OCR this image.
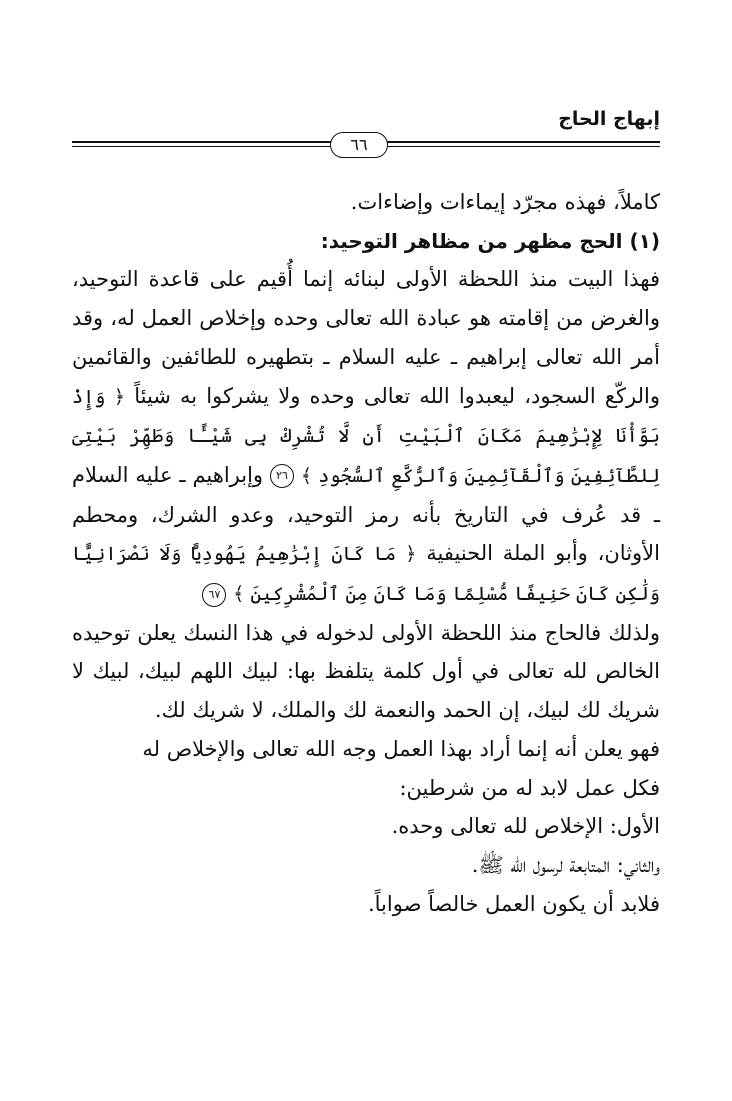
إبهاج الحاج
٦٦
كاملاً، فهذه مجرّد إيماءات وإضاءات.
(١) الحج مظهر من مظاهر التوحيد:
فهذا البيت منذ اللحظة الأولى لبنائه إنما أُقيم على قاعدة التوحيد، والغرض من إقامته هو عبادة الله تعالى وحده وإخلاص العمل له، وقد أمر الله تعالى إبراهيم ـ عليه السلام ـ بتطهيره للطائفين والقائمين والركّع السجود، ليعبدوا الله تعالى وحده ولا يشركوا به شيئاً ﴿ وَإِذْ بَوَّأْنَا لِإِبْرَٰهِيمَ مَكَانَ ٱلْبَيْتِ أَن لَّا تُشْرِكْ بِى شَيْـًٔا وَطَهِّرْ بَيْتِىَ لِلطَّآئِفِينَ وَٱلْقَآئِمِينَ وَٱلرُّكَّعِ ٱلسُّجُودِ ﴾ ٢٦ وإبراهيم ـ عليه السلام ـ قد عُرف في التاريخ بأنه رمز التوحيد، وعدو الشرك، ومحطم الأوثان، وأبو الملة الحنيفية ﴿ مَا كَانَ إِبْرَٰهِيمُ يَهُودِيًّا وَلَا نَصْرَانِيًّا وَلَٰكِن كَانَ حَنِيفًا مُّسْلِمًا وَمَا كَانَ مِنَ ٱلْمُشْرِكِينَ ﴾ ٦٧
ولذلك فالحاج منذ اللحظة الأولى لدخوله في هذا النسك يعلن توحيده الخالص لله تعالى في أول كلمة يتلفظ بها: لبيك اللهم لبيك، لبيك لا شريك لك لبيك، إن الحمد والنعمة لك والملك، لا شريك لك.
فهو يعلن أنه إنما أراد بهذا العمل وجه الله تعالى والإخلاص له
فكل عمل لابد له من شرطين:
الأول: الإخلاص لله تعالى وحده.
والثاني: المتابعة لرسول الله ﷺ.
فلابد أن يكون العمل خالصاً صواباً.
